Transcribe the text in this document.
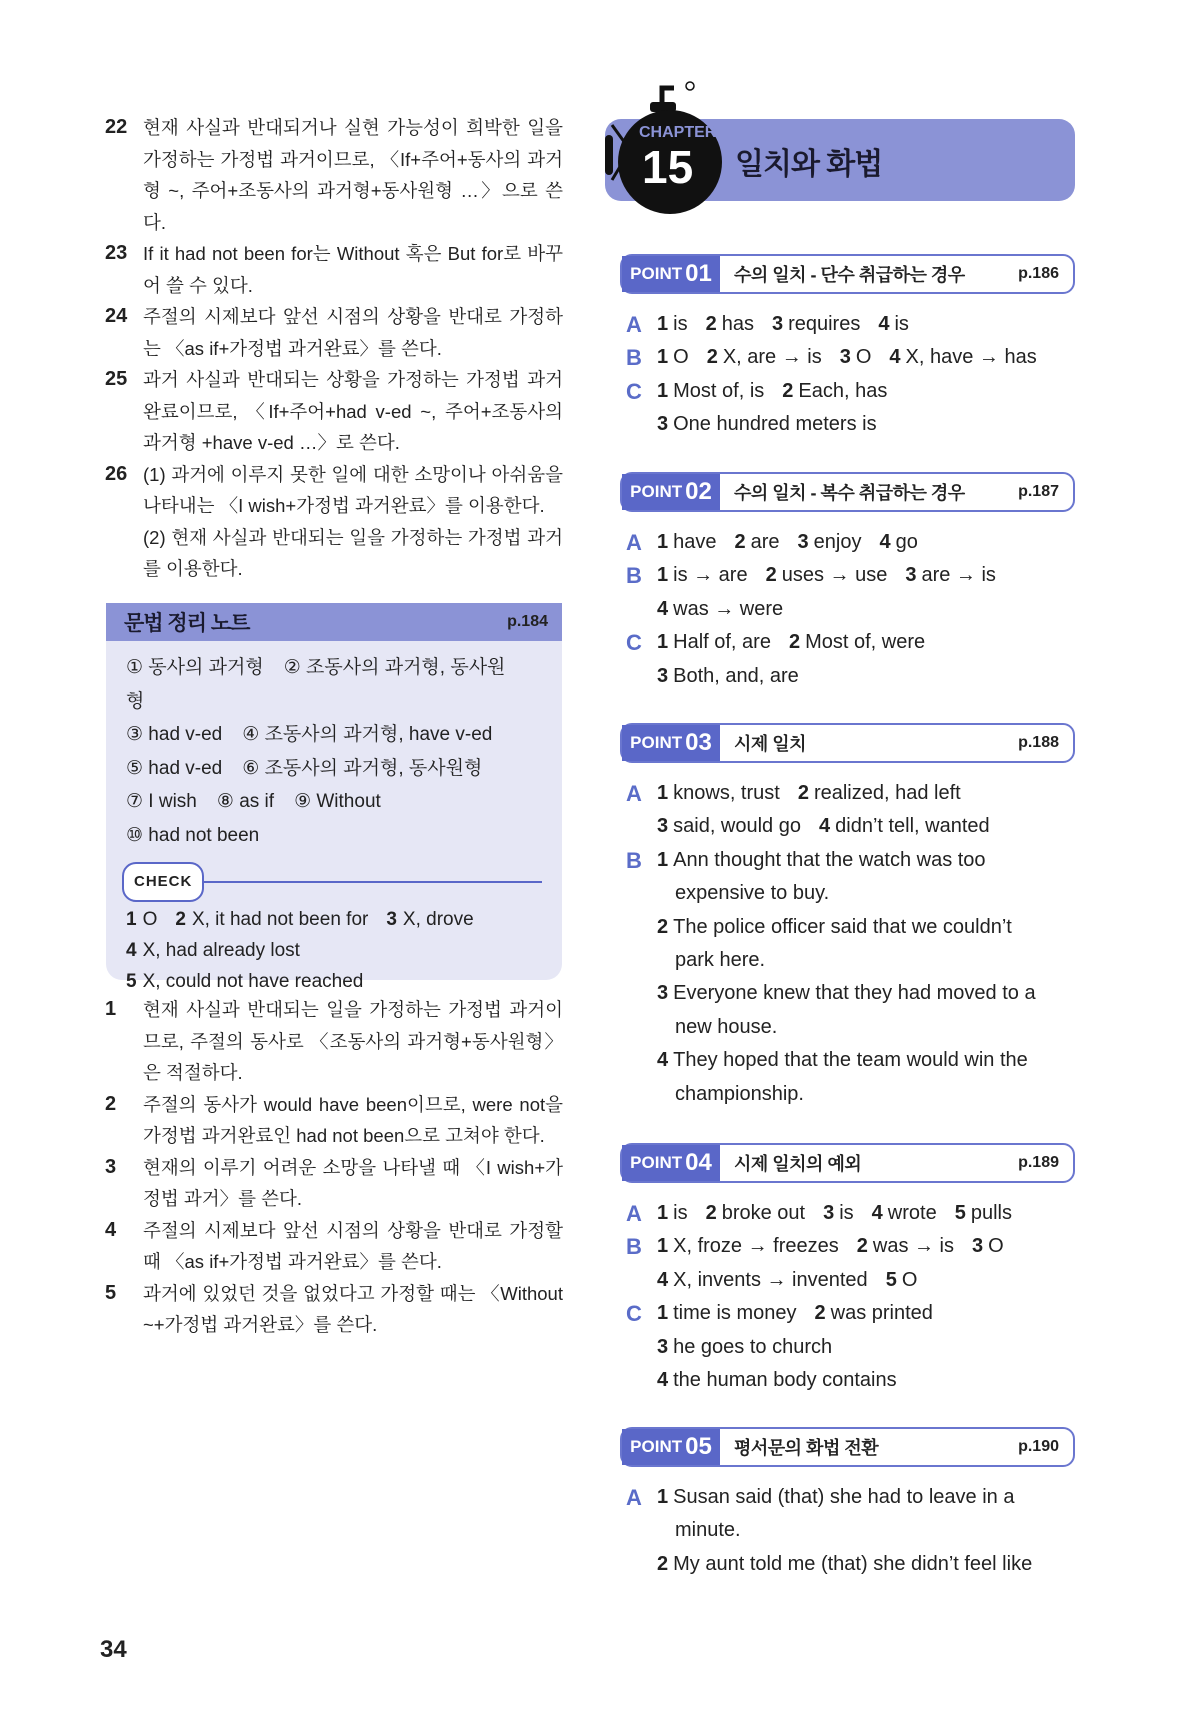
22 현재 사실과 반대되거나 실현 가능성이 희박한 일을 가정하는 가정법 과거이므로, 〈If+주어+동사의 과거형 ~, 주어+조동사의 과거형+동사원형 …〉으로 쓴다.
23 If it had not been for는 Without 혹은 But for로 바꾸어 쓸 수 있다.
24 주절의 시제보다 앞선 시점의 상황을 반대로 가정하는 〈as if+가정법 과거완료〉를 쓴다.
25 과거 사실과 반대되는 상황을 가정하는 가정법 과거완료이므로, 〈If+주어+had v-ed ~, 주어+조동사의 과거형 +have v-ed …〉로 쓴다.
26 (1) 과거에 이루지 못한 일에 대한 소망이나 아쉬움을 나타내는 〈I wish+가정법 과거완료〉를 이용한다.
(2) 현재 사실과 반대되는 일을 가정하는 가정법 과거를 이용한다.
문법 정리 노트	p.184
① 동사의 과거형 ② 조동사의 과거형, 동사원형
③ had v-ed ④ 조동사의 과거형, have v-ed
⑤ had v-ed ⑥ 조동사의 과거형, 동사원형
⑦ I wish ⑧ as if ⑨ Without
⑩ had not been
CHECK
1 O 2 X, it had not been for 3 X, drove
4 X, had already lost
5 X, could not have reached
1	현재 사실과 반대되는 일을 가정하는 가정법 과거이므로, 주절의 동사로 〈조동사의 과거형+동사원형〉은 적절하다.
2	주절의 동사가 would have been이므로, were not을 가정법 과거완료인 had not been으로 고쳐야 한다.
3	현재의 이루기 어려운 소망을 나타낼 때 〈I wish+가정법 과거〉를 쓴다.
4	주절의 시제보다 앞선 시점의 상황을 반대로 가정할 때 〈as if+가정법 과거완료〉를 쓴다.
5	과거에 있었던 것을 없었다고 가정할 때는 〈Without ~+가정법 과거완료〉를 쓴다.
일치와 화법
CHAPTER
15
POINT 01	수의 일치 - 단수 취급하는 경우	p.186
A 1 is 2 has 3 requires 4 is
B 1 O 2 X, are → is 3 O 4 X, have → has
C 1 Most of, is 2 Each, has
3 One hundred meters is
POINT 02	수의 일치 - 복수 취급하는 경우	p.187
A 1 have 2 are 3 enjoy 4 go
B 1 is → are 2 uses → use 3 are → is
4 was → were
C 1 Half of, are 2 Most of, were
3 Both, and, are
POINT 03	시제 일치	p.188
A 1 knows, trust 2 realized, had left
3 said, would go 4 didn’t tell, wanted
B 1 Ann thought that the watch was too
expensive to buy.
2 The police officer said that we couldn’t
park here.
3 Everyone knew that they had moved to a
new house.
4 They hoped that the team would win the
championship.
POINT 04	시제 일치의 예외	p.189
A 1 is 2 broke out 3 is 4 wrote 5 pulls
B 1 X, froze → freezes 2 was → is 3 O
4 X, invents → invented 5 O
C 1 time is money 2 was printed
3 he goes to church
4 the human body contains
POINT 05	평서문의 화법 전환	p.190
A 1 Susan said (that) she had to leave in a
minute.
2 My aunt told me (that) she didn’t feel like
34
